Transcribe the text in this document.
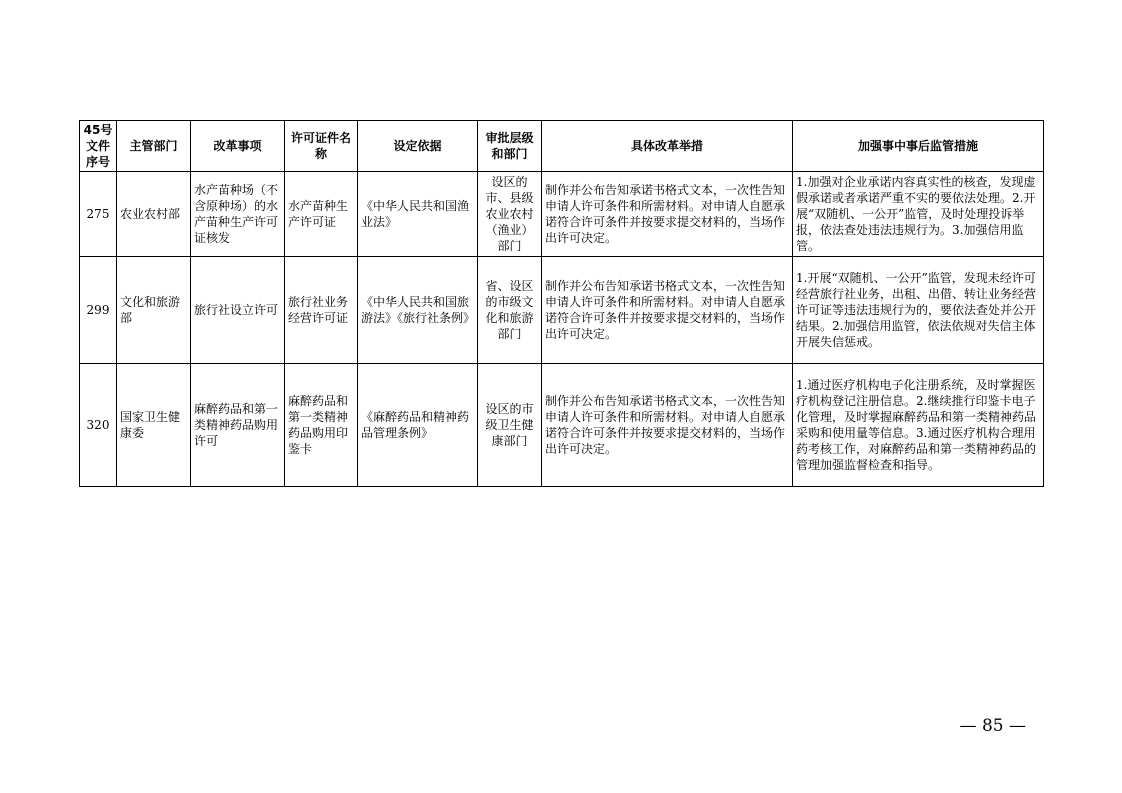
45号文件序号	主管部门	改革事项	许可证件名称	设定依据	审批层级和部门	具体改革举措	加强事中事后监管措施
275	农业农村部	水产苗种场（不含原种场）的水产苗种生产许可证核发	水产苗种生产许可证	《中华人民共和国渔业法》	设区的市、县级农业农村（渔业）部门	制作并公布告知承诺书格式文本，一次性告知申请人许可条件和所需材料。对申请人自愿承诺符合许可条件并按要求提交材料的，当场作出许可决定。	1.加强对企业承诺内容真实性的核查，发现虚假承诺或者承诺严重不实的要依法处理。2.开展“双随机、一公开”监管，及时处理投诉举报，依法查处违法违规行为。3.加强信用监管。
299	文化和旅游部	旅行社设立许可	旅行社业务经营许可证	《中华人民共和国旅游法》《旅行社条例》	省、设区的市级文化和旅游部门	制作并公布告知承诺书格式文本，一次性告知申请人许可条件和所需材料。对申请人自愿承诺符合许可条件并按要求提交材料的，当场作出许可决定。	1.开展“双随机、一公开”监管，发现未经许可经营旅行社业务，出租、出借、转让业务经营许可证等违法违规行为的，要依法查处并公开结果。2.加强信用监管，依法依规对失信主体开展失信惩戒。
320	国家卫生健康委	麻醉药品和第一类精神药品购用许可	麻醉药品和第一类精神药品购用印鉴卡	《麻醉药品和精神药品管理条例》	设区的市级卫生健康部门	制作并公布告知承诺书格式文本，一次性告知申请人许可条件和所需材料。对申请人自愿承诺符合许可条件并按要求提交材料的，当场作出许可决定。	1.通过医疗机构电子化注册系统，及时掌握医疗机构登记注册信息。2.继续推行印鉴卡电子化管理，及时掌握麻醉药品和第一类精神药品采购和使用量等信息。3.通过医疗机构合理用药考核工作，对麻醉药品和第一类精神药品的管理加强监督检查和指导。
— 85 —
